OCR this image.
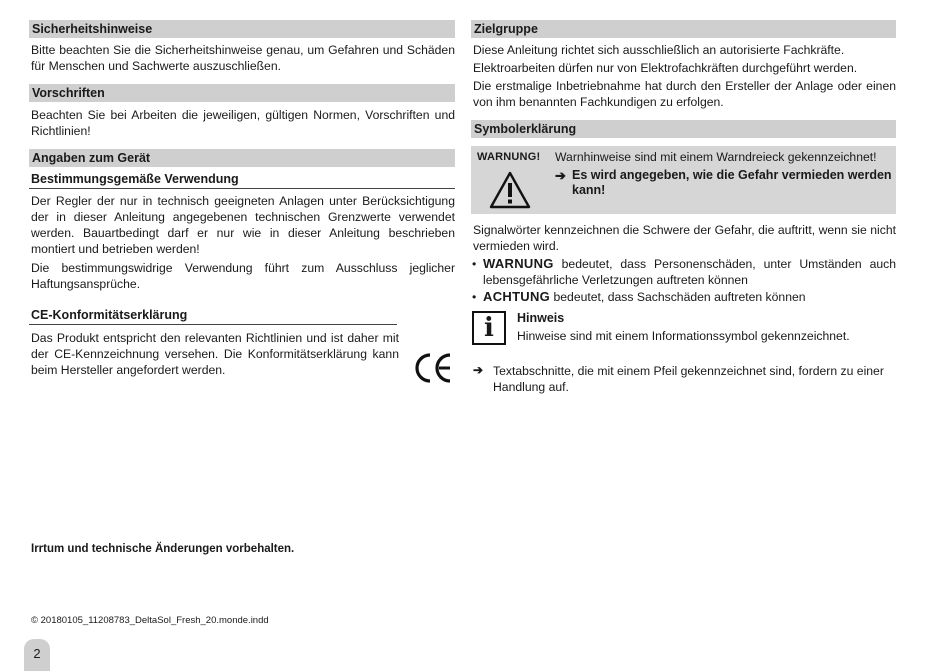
Sicherheitshinweise

Bitte beachten Sie die Sicherheitshinweise genau, um Gefahren und Schäden für Menschen und Sachwerte auszuschließen.

Vorschriften

Beachten Sie bei Arbeiten die jeweiligen, gültigen Normen, Vorschriften und Richtlinien!

Angaben zum Gerät
Bestimmungsgemäße Verwendung

Der Regler der nur in technisch geeigneten Anlagen unter Berücksichtigung der in dieser Anleitung angegebenen technischen Grenzwerte verwendet werden. Bauartbedingt darf er nur wie in dieser Anleitung beschrieben montiert und betrieben werden!

Die bestimmungswidrige Verwendung führt zum Ausschluss jeglicher Haftungsansprüche.

CE-Konformitätserklärung

Das Produkt entspricht den relevanten Richtlinien und ist daher mit der CE-Kennzeichnung versehen. Die Konformitätserklärung kann beim Hersteller angefordert werden.

Zielgruppe

Diese Anleitung richtet sich ausschließlich an autorisierte Fachkräfte.

Elektroarbeiten dürfen nur von Elektrofachkräften durchgeführt werden.

Die erstmalige Inbetriebnahme hat durch den Ersteller der Anlage oder einen von ihm benannten Fachkundigen zu erfolgen.

Symbolerklärung
WARNUNG! Warnhinweise sind mit einem Warndreieck gekennzeichnet!
➔ Es wird angegeben, wie die Gefahr vermieden werden kann!

Signalwörter kennzeichnen die Schwere der Gefahr, die auftritt, wenn sie nicht vermieden wird.

• WARNUNG bedeutet, dass Personenschäden, unter Umständen auch lebensgefährliche Verletzungen auftreten können
• ACHTUNG bedeutet, dass Sachschäden auftreten können
i	Hinweis
Hinweise sind mit einem Informationssymbol gekennzeichnet.
➔ Textabschnitte, die mit einem Pfeil gekennzeichnet sind, fordern zu einer Handlung auf.
Irrtum und technische Änderungen vorbehalten.
© 20180105_11208783_DeltaSol_Fresh_20.monde.indd
2
